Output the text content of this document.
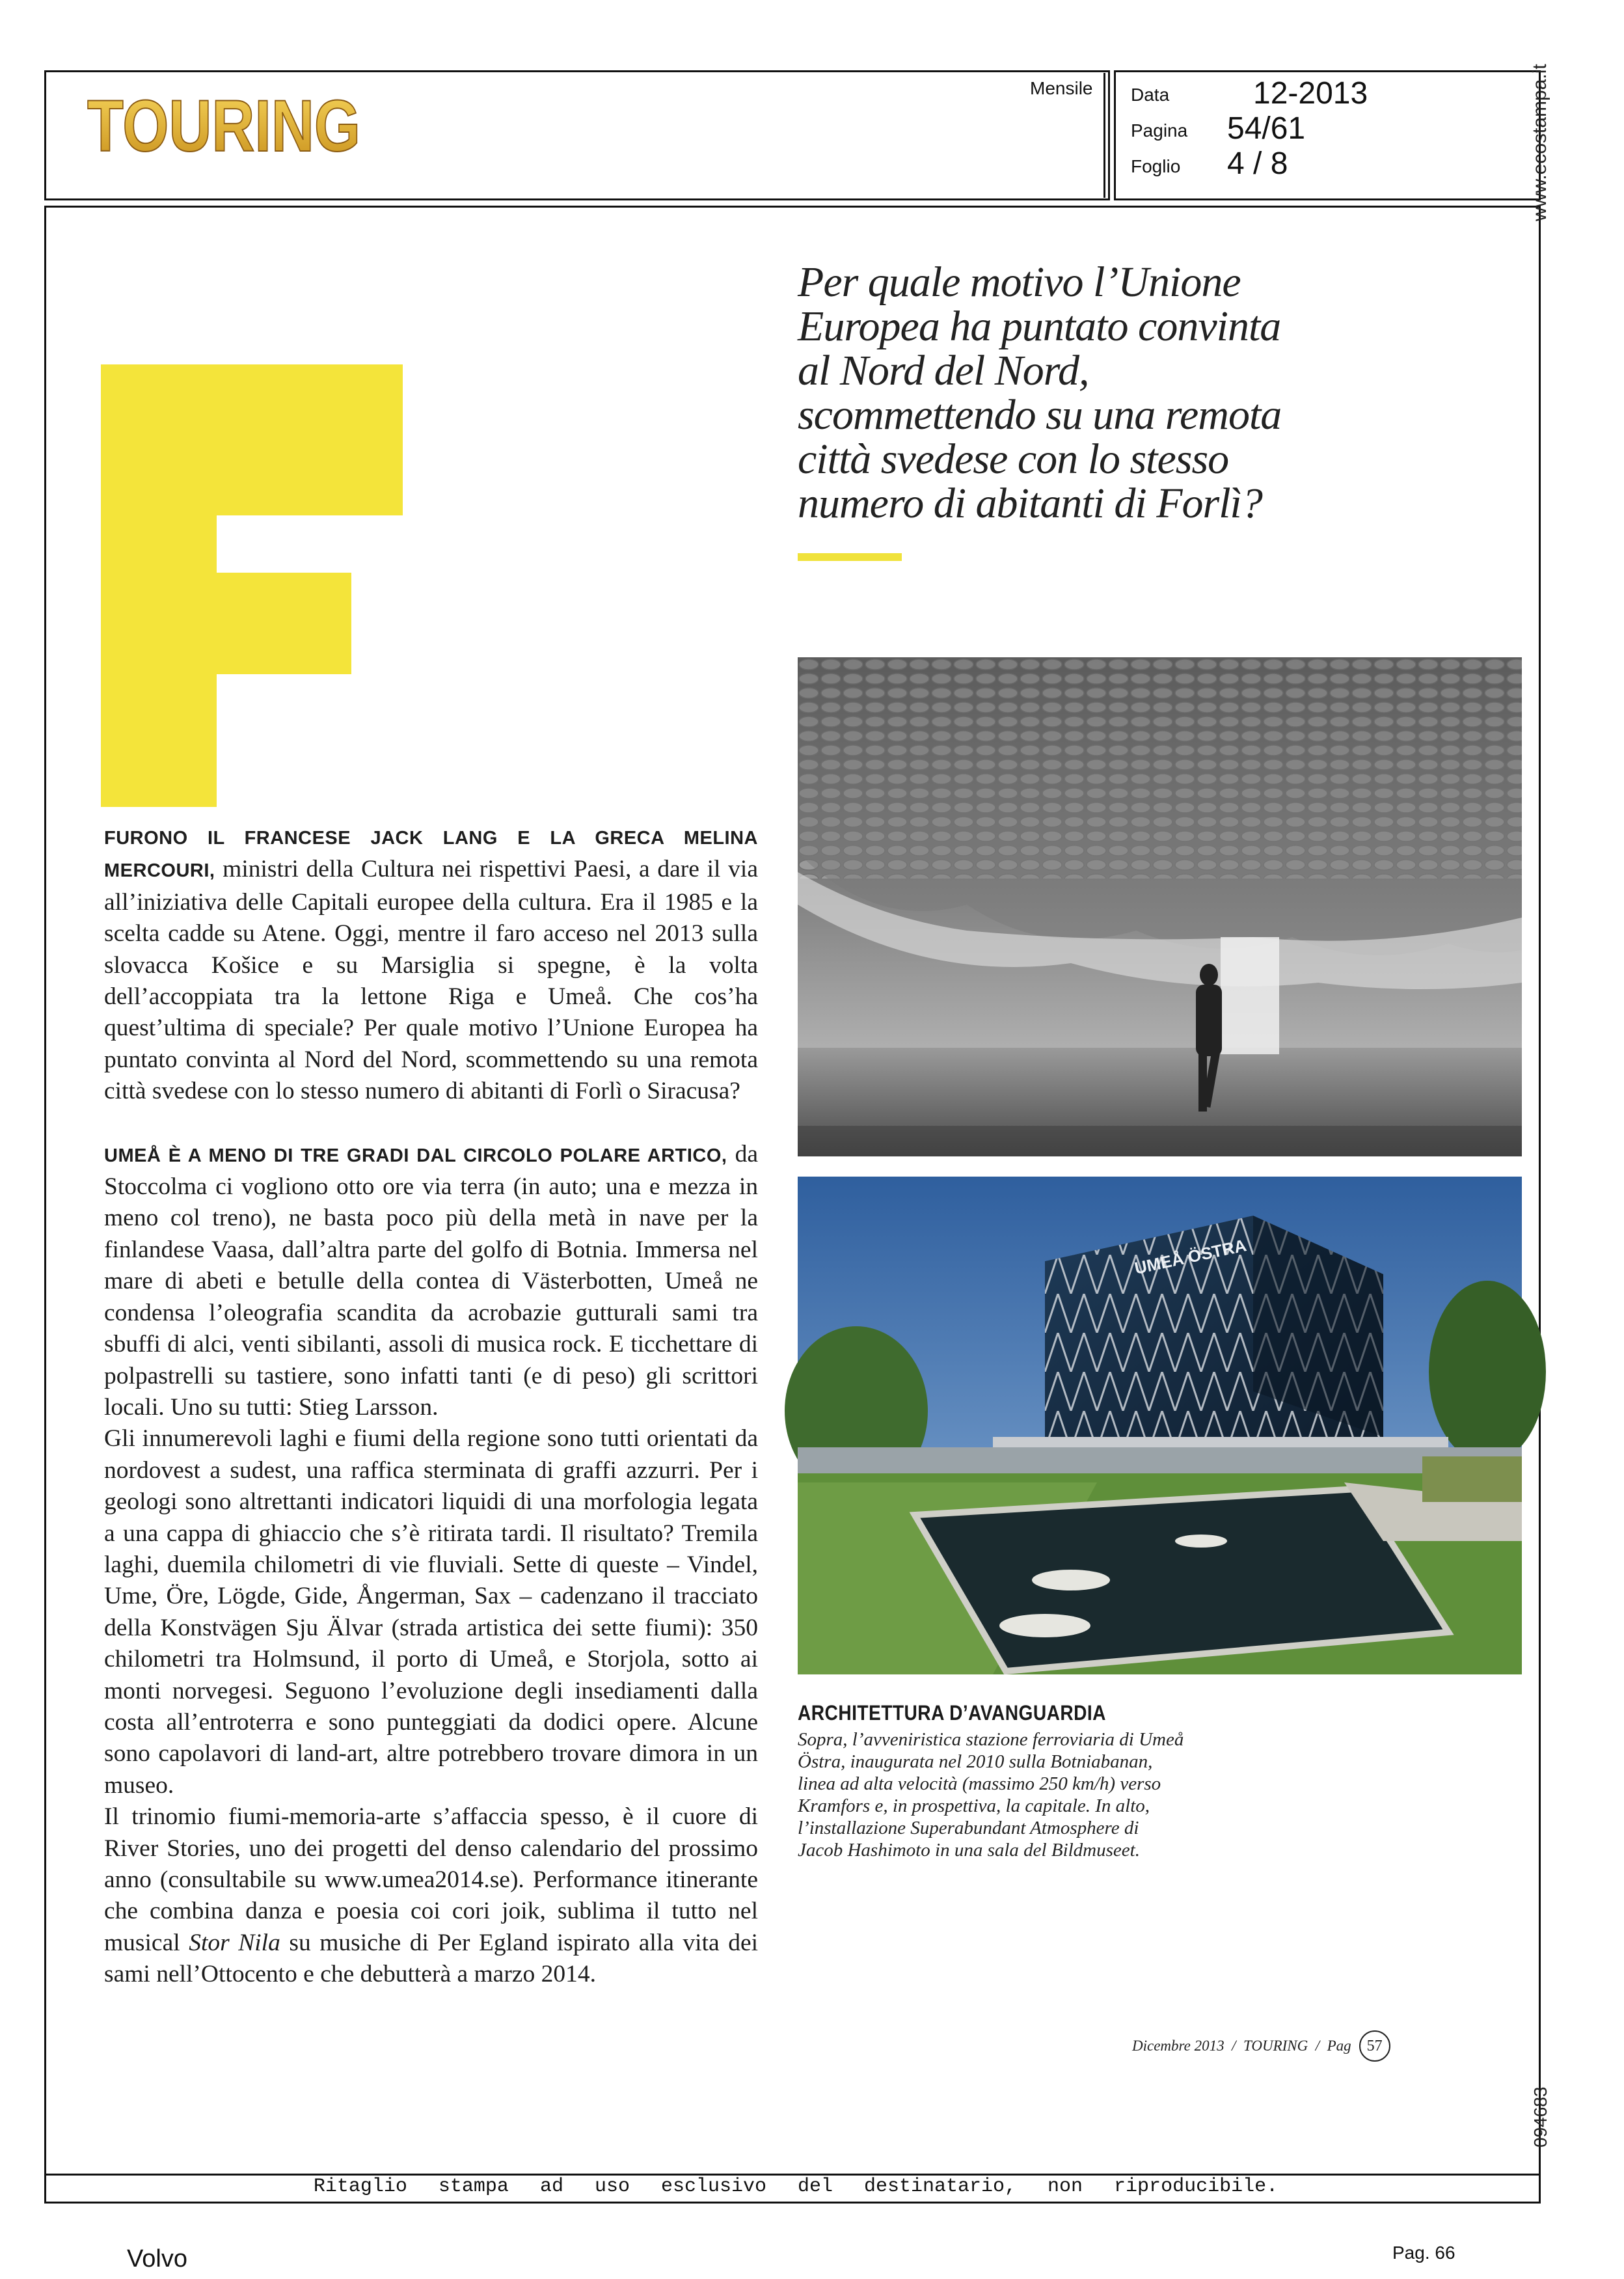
TOURING	Mensile Data	12-2013
Pagina 54/61
Foglio 4 / 8	www.ecostampa.it
094683
Per quale motivo l’Unione Europea ha puntato convinta al Nord del Nord, scommettendo su una remota città svedese con lo stesso numero di abitanti di Forlì?

FURONO IL FRANCESE JACK LANG E LA GRECA MELINA MERCOURI, ministri della Cultura nei rispettivi Paesi, a dare il via all’iniziativa delle Capitali europee della cultura. Era il 1985 e la scelta cadde su Atene. Oggi, mentre il faro acceso nel 2013 sulla slovacca Košice e su Marsiglia si spegne, è la volta dell’accoppiata tra la lettone Riga e Umeå. Che cos’ha quest’ultima di speciale? Per quale motivo l’Unione Europea ha puntato convinta al Nord del Nord, scommettendo su una remota città svedese con lo stesso numero di abitanti di Forlì o Siracusa?

UMEÅ È A MENO DI TRE GRADI DAL CIRCOLO POLARE ARTICO, da Stoccolma ci vogliono otto ore via terra (in auto; una e mezza in meno col treno), ne basta poco più della metà in nave per la finlandese Vaasa, dall’altra parte del golfo di Botnia. Immersa nel mare di abeti e betulle della contea di Västerbotten, Umeå ne condensa l’oleografia scandita da acrobazie gutturali sami tra sbuffi di alci, venti sibilanti, assoli di musica rock. E ticchettare di polpastrelli su tastiere, sono infatti tanti (e di peso) gli scrittori locali. Uno su tutti: Stieg Larsson.

Gli innumerevoli laghi e fiumi della regione sono tutti orientati da nordovest a sudest, una raffica sterminata di graffi azzurri. Per i geologi sono altrettanti indicatori liquidi di una morfologia legata a una cappa di ghiaccio che s’è ritirata tardi. Il risultato? Tremila laghi, duemila chilometri di vie fluviali. Sette di queste – Vindel, Ume, Öre, Lögde, Gide, Ångerman, Sax – cadenzano il tracciato della Konstvägen Sju Älvar (strada artistica dei sette fiumi): 350 chilometri tra Holmsund, il porto di Umeå, e Storjola, sotto ai monti norvegesi. Seguono l’evoluzione degli insediamenti dalla costa all’entroterra e sono punteggiati da dodici opere. Alcune sono capolavori di land-art, altre potrebbero trovare dimora in un museo.

Il trinomio fiumi-memoria-arte s’affaccia spesso, è il cuore di River Stories, uno dei progetti del denso calendario del prossimo anno (consultabile su www.umea2014.se). Performance itinerante che combina danza e poesia coi cori joik, sublima il tutto nel musical Stor Nila su musiche di Per Egland ispirato alla vita dei sami nell’Ottocento e che debutterà a marzo 2014.

UMEÅ ÖSTRA
ARCHITETTURA D’AVANGUARDIA
Sopra, l’avveniristica stazione ferroviaria di Umeå Östra, inaugurata nel 2010 sulla Botniabanan, linea ad alta velocità (massimo 250 km/h) verso Kramfors e, in prospettiva, la capitale. In alto, l’installazione Superabundant Atmosphere di Jacob Hashimoto in una sala del Bildmuseet.
Dicembre 2013  /  TOURING  /  Pag	57
Ritaglio stampa ad uso esclusivo del destinatario, non riproducibile.
Volvo	Pag. 66
